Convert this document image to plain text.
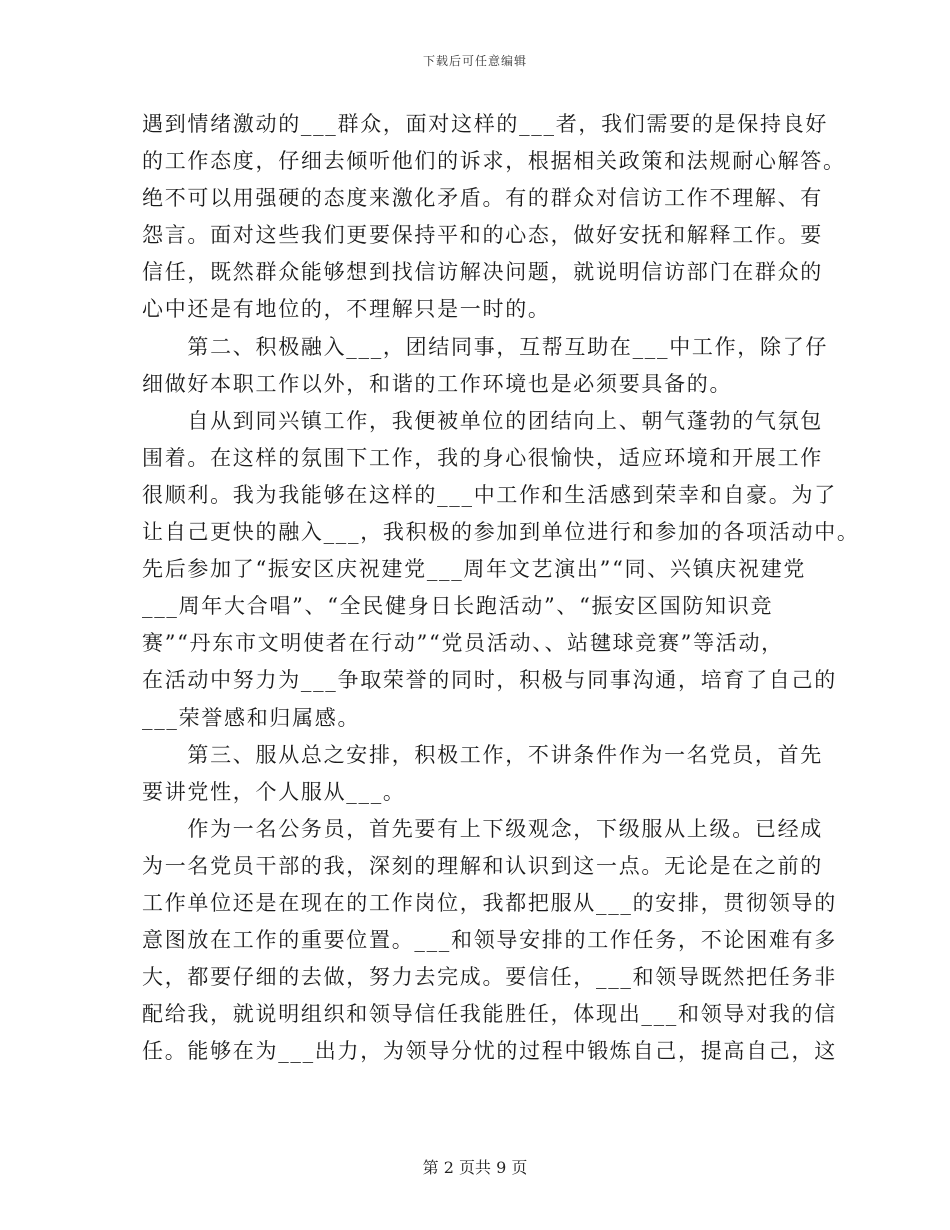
下载后可任意编辑
遇到情绪激动的___群众，面对这样的___者，我们需要的是保持良好
的工作态度，仔细去倾听他们的诉求，根据相关政策和法规耐心解答。
绝不可以用强硬的态度来激化矛盾。有的群众对信访工作不理解、有
怨言。面对这些我们更要保持平和的心态，做好安抚和解释工作。要
信任，既然群众能够想到找信访解决问题，就说明信访部门在群众的
心中还是有地位的，不理解只是一时的。
　　第二、积极融入___，团结同事，互帮互助在___中工作，除了仔
细做好本职工作以外，和谐的工作环境也是必须要具备的。
　　自从到同兴镇工作，我便被单位的团结向上、朝气蓬勃的气氛包
围着。在这样的氛围下工作，我的身心很愉快，适应环境和开展工作
很顺利。我为我能够在这样的___中工作和生活感到荣幸和自豪。为了
让自己更快的融入___，我积极的参加到单位进行和参加的各项活动中。
先后参加了“振安区庆祝建党___周年文艺演出”“同、兴镇庆祝建党
___周年大合唱”、“全民健身日长跑活动”、“振安区国防知识竞
赛”“丹东市文明使者在行动”“党员活动、、站毽球竞赛”等活动，
在活动中努力为___争取荣誉的同时，积极与同事沟通，培育了自己的
___荣誉感和归属感。
　　第三、服从总之安排，积极工作，不讲条件作为一名党员，首先
要讲党性，个人服从___。
　　作为一名公务员，首先要有上下级观念，下级服从上级。已经成
为一名党员干部的我，深刻的理解和认识到这一点。无论是在之前的
工作单位还是在现在的工作岗位，我都把服从___的安排，贯彻领导的
意图放在工作的重要位置。___和领导安排的工作任务，不论困难有多
大，都要仔细的去做，努力去完成。要信任，___和领导既然把任务非
配给我，就说明组织和领导信任我能胜任，体现出___和领导对我的信
任。能够在为___出力，为领导分忧的过程中锻炼自己，提高自己，这
第 2 页共 9 页
